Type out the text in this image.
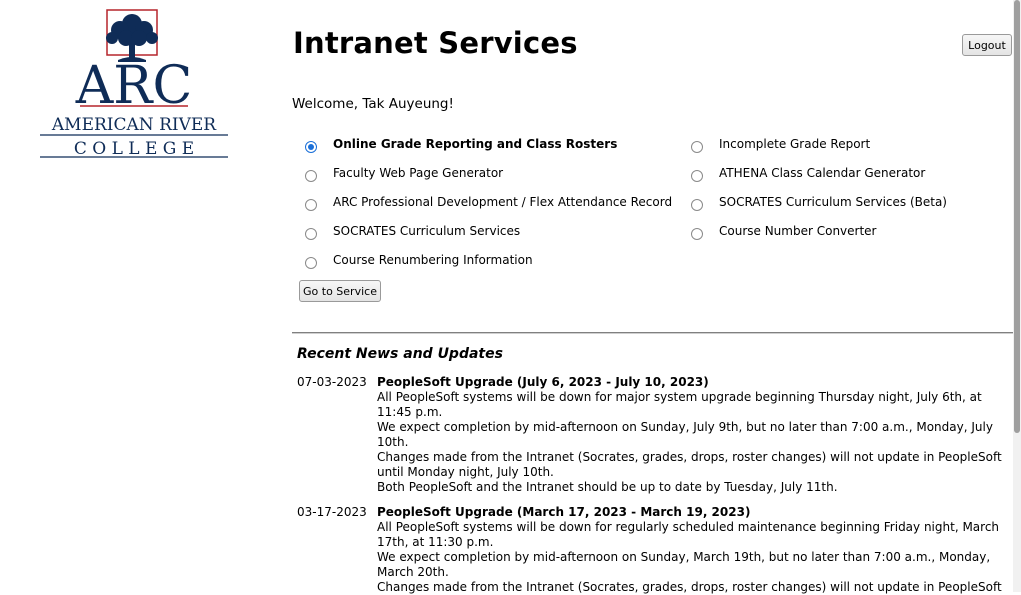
ARC
AMERICAN RIVER
C O L L E G E
Intranet Services	Logout
Welcome, Tak Auyeung!
Online Grade Reporting and Class Rosters	Incomplete Grade Report
Faculty Web Page Generator	ATHENA Class Calendar Generator
ARC Professional Development / Flex Attendance Record	SOCRATES Curriculum Services (Beta)
SOCRATES Curriculum Services	Course Number Converter
Course Renumbering Information
Go to Service
Recent News and Updates
07-03-2023 PeopleSoft Upgrade (July 6, 2023 - July 10, 2023)

All PeopleSoft systems will be down for major system upgrade beginning Thursday night, July 6th, at 11:45 p.m.

We expect completion by mid-afternoon on Sunday, July 9th, but no later than 7:00 a.m., Monday, July 10th.

Changes made from the Intranet (Socrates, grades, drops, roster changes) will not update in PeopleSoft until Monday night, July 10th.

Both PeopleSoft and the Intranet should be up to date by Tuesday, July 11th.

03-17-2023 PeopleSoft Upgrade (March 17, 2023 - March 19, 2023)

All PeopleSoft systems will be down for regularly scheduled maintenance beginning Friday night, March 17th, at 11:30 p.m.

We expect completion by mid-afternoon on Sunday, March 19th, but no later than 7:00 a.m., Monday, March 20th.

Changes made from the Intranet (Socrates, grades, drops, roster changes) will not update in PeopleSoft
